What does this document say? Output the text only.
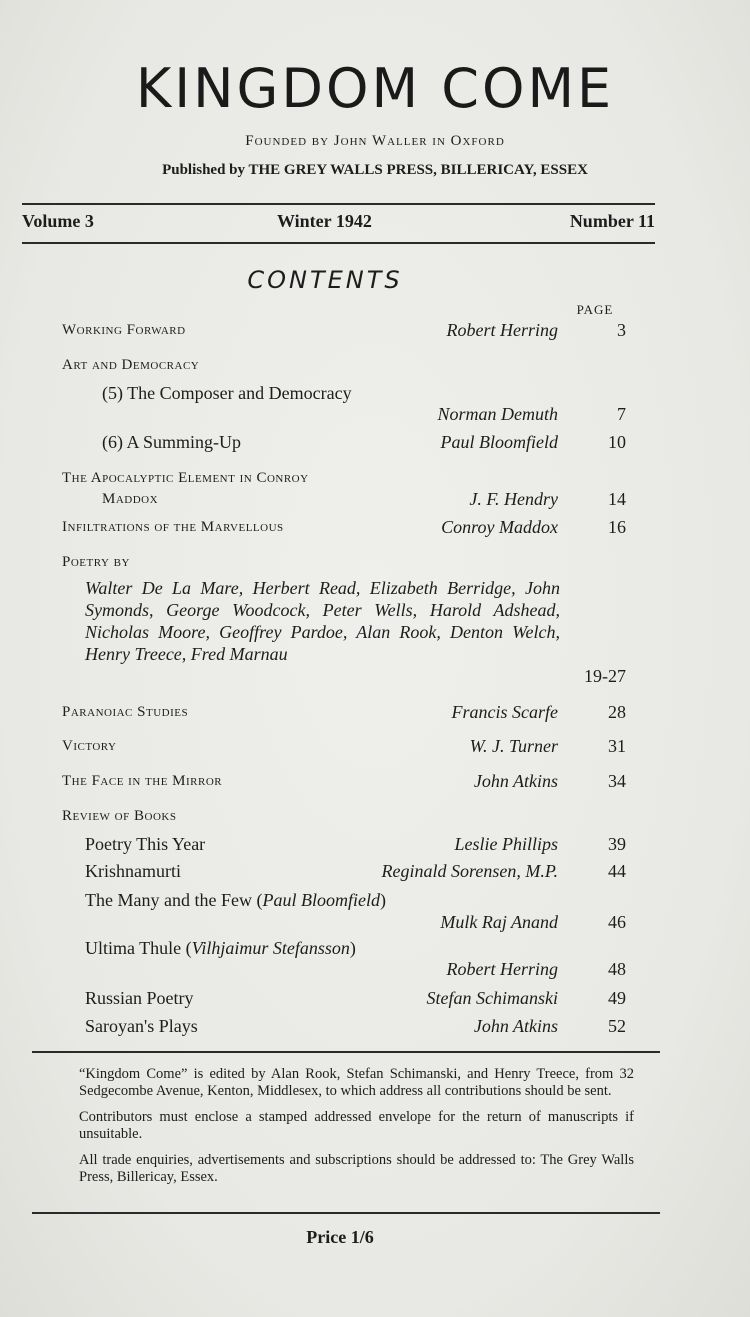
KINGDOM COME
Founded by John Waller in Oxford
Published by THE GREY WALLS PRESS, BILLERICAY, ESSEX
Volume 3	Winter 1942	Number 11
CONTENTS
PAGE
Working Forward	Robert Herring	3
Art and Democracy
(5) The Composer and Democracy
Norman Demuth	7
(6) A Summing-Up	Paul Bloomfield	10
The Apocalyptic Element in Conroy
Maddox	J. F. Hendry	14
Infiltrations of the Marvellous	Conroy Maddox	16
Poetry by
Walter De La Mare, Herbert Read, Elizabeth Berridge, John Symonds, George Woodcock, Peter Wells, Harold Adshead, Nicholas Moore, Geoffrey Pardoe, Alan Rook, Denton Welch, Henry Treece, Fred Marnau
19-27
Paranoiac Studies	Francis Scarfe	28
Victory	W. J. Turner	31
The Face in the Mirror	John Atkins	34
Review of Books
Poetry This Year	Leslie Phillips	39
Krishnamurti	Reginald Sorensen, M.P.	44
The Many and the Few (Paul Bloomfield)
Mulk Raj Anand	46
Ultima Thule (Vilhjaimur Stefansson)
Robert Herring	48
Russian Poetry	Stefan Schimanski	49
Saroyan's Plays	John Atkins	52

“Kingdom Come” is edited by Alan Rook, Stefan Schimanski, and Henry Treece, from 32 Sedgecombe Avenue, Kenton, Middlesex, to which address all contributions should be sent.

Contributors must enclose a stamped addressed envelope for the return of manuscripts if unsuitable.

All trade enquiries, advertisements and subscriptions should be addressed to: The Grey Walls Press, Billericay, Essex.

Price 1/6
